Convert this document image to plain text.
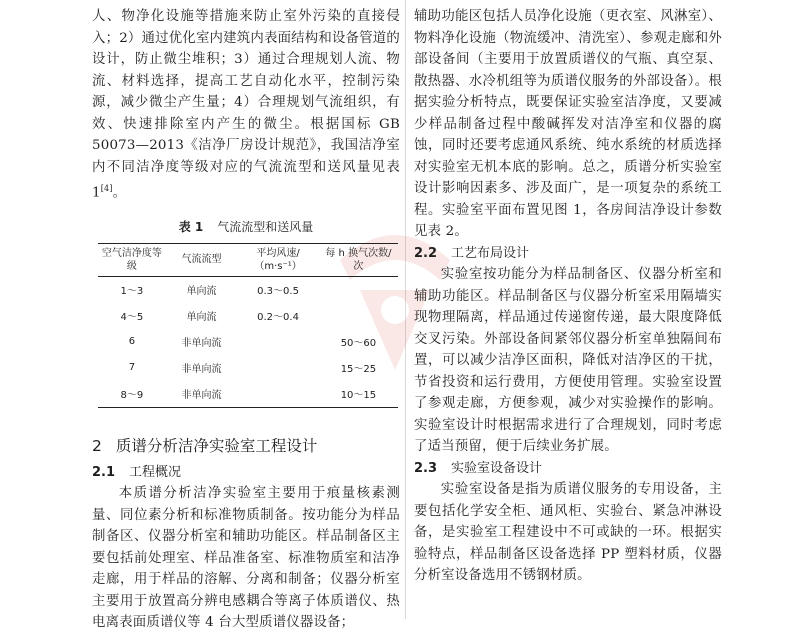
人、物净化设施等措施来防止室外污染的直接侵入；2）通过优化室内建筑内表面结构和设备管道的设计，防止微尘堆积；3）通过合理规划人流、物流、材料选择，提高工艺自动化水平，控制污染源，减少微尘产生量；4）合理规划气流组织，有效、快速排除室内产生的微尘。根据国标 GB 50073—2013《洁净厂房设计规范》，我国洁净室内不同洁净度等级对应的气流流型和送风量见表 1[4]。

表 1 气流流型和送风量
空气洁净度等级	气流流型	平均风速/（m·s⁻¹）	每 h 换气次数/次
1～3	单向流	0.3～0.5	
4～5	单向流	0.2～0.4	
6	非单向流		50～60
7	非单向流		15～25
8～9	非单向流		10～15
2 质谱分析洁净实验室工程设计
2.1 工程概况

本质谱分析洁净实验室主要用于痕量核素测量、同位素分析和标准物质制备。按功能分为样品制备区、仪器分析室和辅助功能区。样品制备区主要包括前处理室、样品准备室、标准物质室和洁净走廊，用于样品的溶解、分离和制备；仪器分析室主要用于放置高分辨电感耦合等离子体质谱仪、热电离表面质谱仪等 4 台大型质谱仪器设备；

辅助功能区包括人员净化设施（更衣室、风淋室）、物料净化设施（物流缓冲、清洗室）、参观走廊和外部设备间（主要用于放置质谱仪的气瓶、真空泵、散热器、水冷机组等为质谱仪服务的外部设备）。根据实验分析特点，既要保证实验室洁净度，又要减少样品制备过程中酸碱挥发对洁净室和仪器的腐蚀，同时还要考虑通风系统、纯水系统的材质选择对实验室无机本底的影响。总之，质谱分析实验室设计影响因素多、涉及面广，是一项复杂的系统工程。实验室平面布置见图 1，各房间洁净设计参数见表 2。

2.2 工艺布局设计

实验室按功能分为样品制备区、仪器分析室和辅助功能区。样品制备区与仪器分析室采用隔墙实现物理隔离，样品通过传递窗传递，最大限度降低交叉污染。外部设备间紧邻仪器分析室单独隔间布置，可以减少洁净区面积，降低对洁净区的干扰，节省投资和运行费用，方便使用管理。实验室设置了参观走廊，方便参观，减少对实验操作的影响。实验室设计时根据需求进行了合理规划，同时考虑了适当预留，便于后续业务扩展。

2.3 实验室设备设计

实验室设备是指为质谱仪服务的专用设备，主要包括化学安全柜、通风柜、实验台、紧急冲淋设备，是实验室工程建设中不可或缺的一环。根据实验特点，样品制备区设备选择 PP 塑料材质，仪器分析室设备选用不锈钢材质。
